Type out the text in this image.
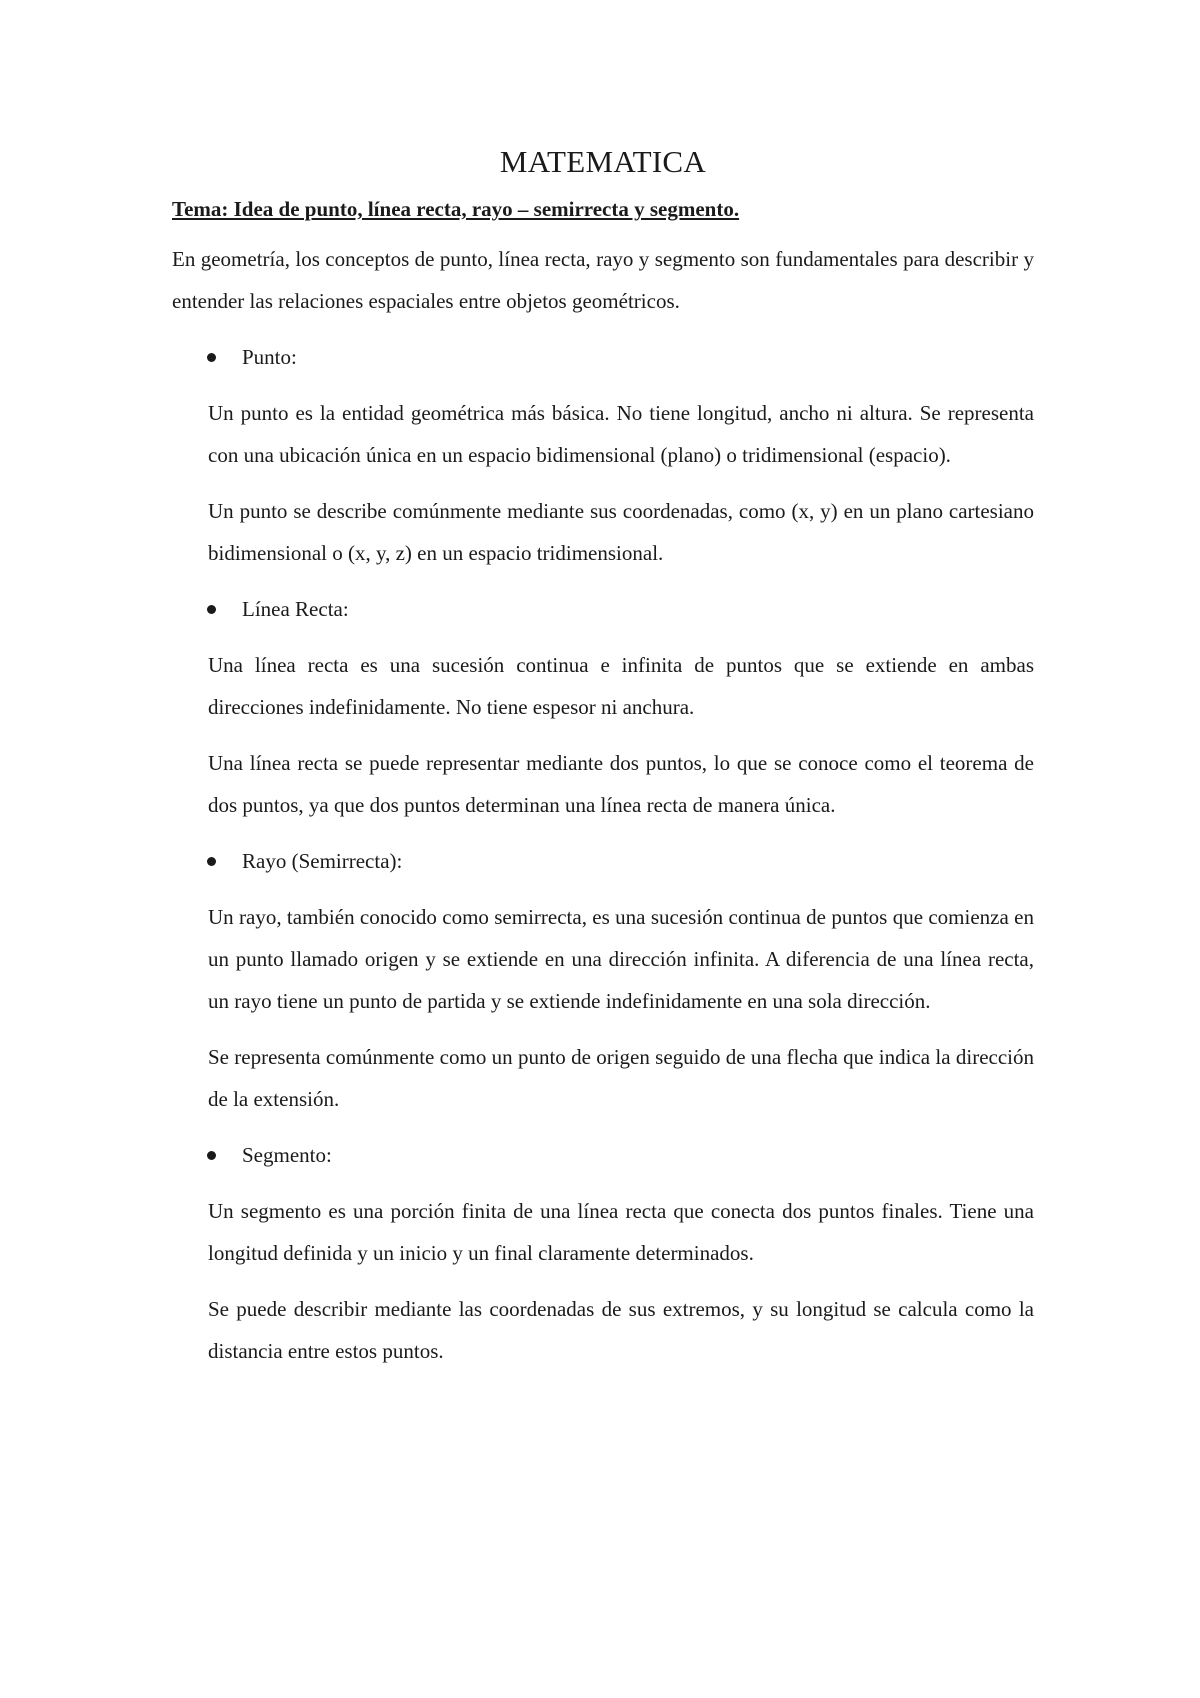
MATEMATICA

Tema: Idea de punto, línea recta, rayo – semirrecta y segmento.

En geometría, los conceptos de punto, línea recta, rayo y segmento son fundamentales para describir y entender las relaciones espaciales entre objetos geométricos.

Punto:

Un punto es la entidad geométrica más básica. No tiene longitud, ancho ni altura. Se representa con una ubicación única en un espacio bidimensional (plano) o tridimensional (espacio).

Un punto se describe comúnmente mediante sus coordenadas, como (x, y) en un plano cartesiano bidimensional o (x, y, z) en un espacio tridimensional.

Línea Recta:

Una línea recta es una sucesión continua e infinita de puntos que se extiende en ambas direcciones indefinidamente. No tiene espesor ni anchura.

Una línea recta se puede representar mediante dos puntos, lo que se conoce como el teorema de dos puntos, ya que dos puntos determinan una línea recta de manera única.

Rayo (Semirrecta):

Un rayo, también conocido como semirrecta, es una sucesión continua de puntos que comienza en un punto llamado origen y se extiende en una dirección infinita. A diferencia de una línea recta, un rayo tiene un punto de partida y se extiende indefinidamente en una sola dirección.

Se representa comúnmente como un punto de origen seguido de una flecha que indica la dirección de la extensión.

Segmento:

Un segmento es una porción finita de una línea recta que conecta dos puntos finales. Tiene una longitud definida y un inicio y un final claramente determinados.

Se puede describir mediante las coordenadas de sus extremos, y su longitud se calcula como la distancia entre estos puntos.
